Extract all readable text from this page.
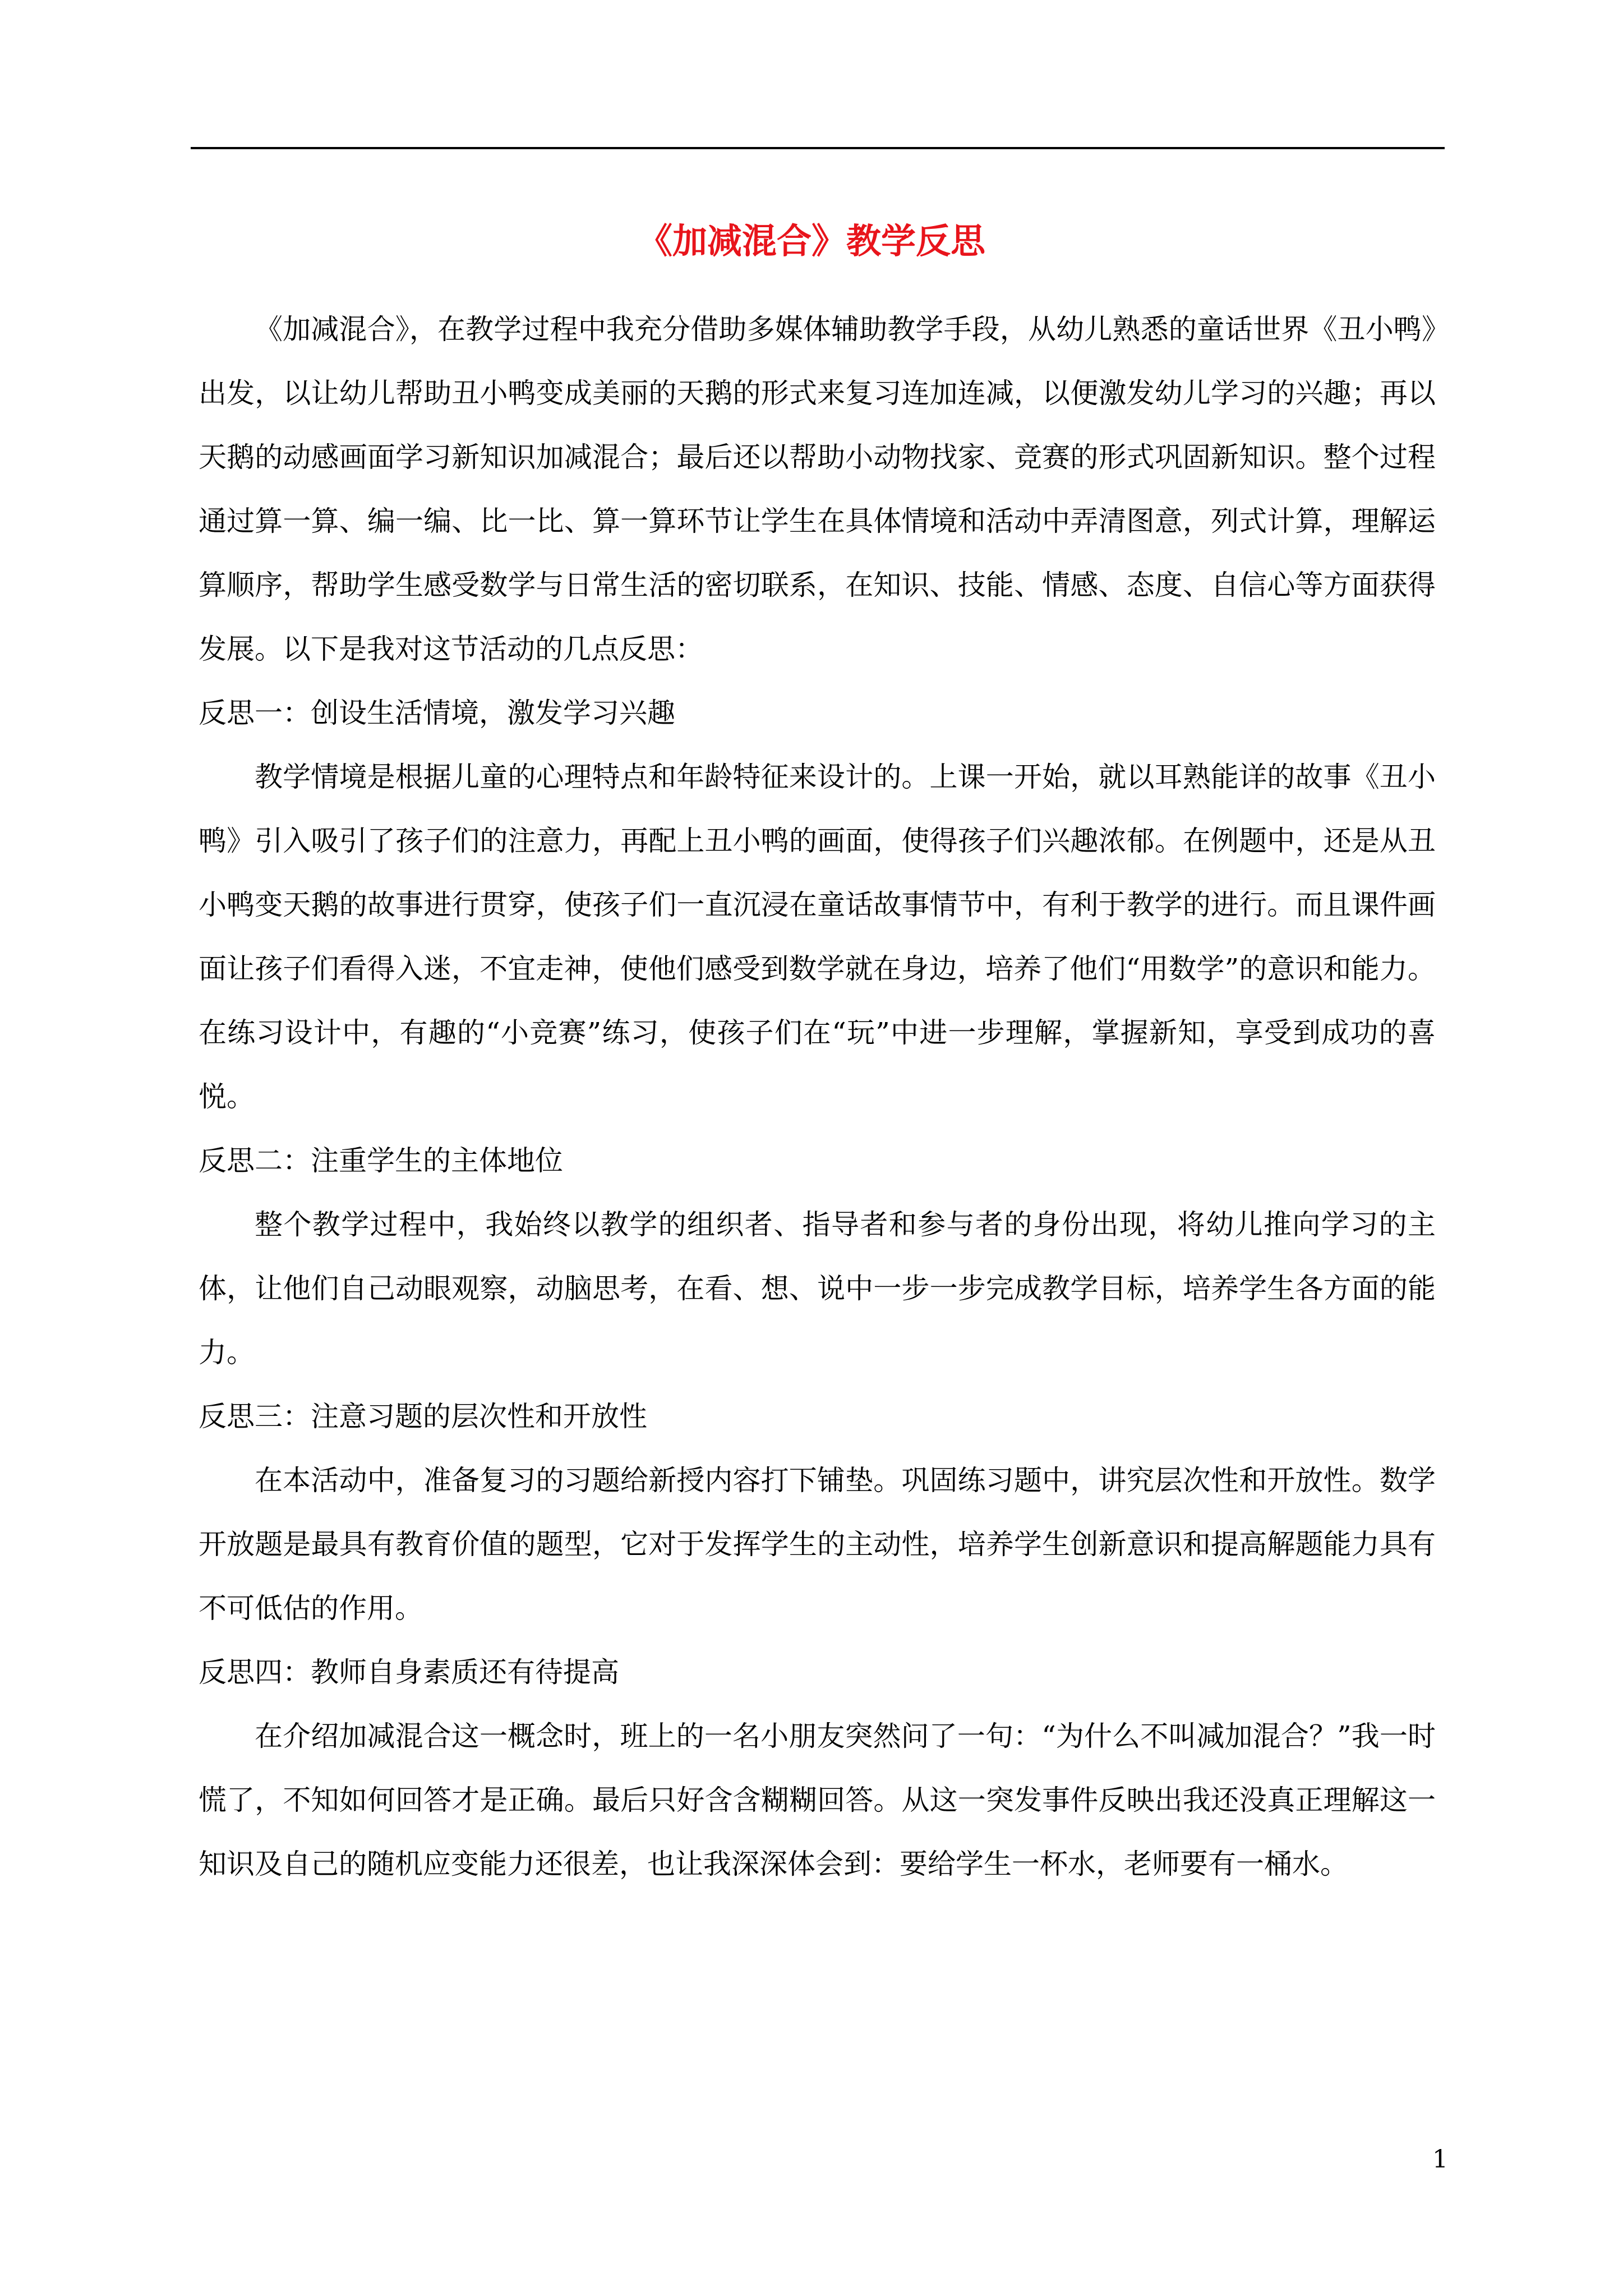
《加减混合》教学反思

《加减混合》，在教学过程中我充分借助多媒体辅助教学手段，从幼儿熟悉的童话世界《丑小鸭》出发，以让幼儿帮助丑小鸭变成美丽的天鹅的形式来复习连加连减，以便激发幼儿学习的兴趣；再以天鹅的动感画面学习新知识加减混合；最后还以帮助小动物找家、竞赛的形式巩固新知识。整个过程通过算一算、编一编、比一比、算一算环节让学生在具体情境和活动中弄清图意，列式计算，理解运算顺序，帮助学生感受数学与日常生活的密切联系，在知识、技能、情感、态度、自信心等方面获得发展。以下是我对这节活动的几点反思：

反思一：创设生活情境，激发学习兴趣

教学情境是根据儿童的心理特点和年龄特征来设计的。上课一开始，就以耳熟能详的故事《丑小鸭》引入吸引了孩子们的注意力，再配上丑小鸭的画面，使得孩子们兴趣浓郁。在例题中，还是从丑小鸭变天鹅的故事进行贯穿，使孩子们一直沉浸在童话故事情节中，有利于教学的进行。而且课件画面让孩子们看得入迷，不宜走神，使他们感受到数学就在身边，培养了他们“用数学”的意识和能力。在练习设计中，有趣的“小竞赛”练习，使孩子们在“玩”中进一步理解，掌握新知，享受到成功的喜悦。

反思二：注重学生的主体地位

整个教学过程中，我始终以教学的组织者、指导者和参与者的身份出现，将幼儿推向学习的主体，让他们自己动眼观察，动脑思考，在看、想、说中一步一步完成教学目标，培养学生各方面的能力。

反思三：注意习题的层次性和开放性

在本活动中，准备复习的习题给新授内容打下铺垫。巩固练习题中，讲究层次性和开放性。数学开放题是最具有教育价值的题型，它对于发挥学生的主动性，培养学生创新意识和提高解题能力具有不可低估的作用。

反思四：教师自身素质还有待提高

在介绍加减混合这一概念时，班上的一名小朋友突然问了一句：“为什么不叫减加混合？”我一时慌了，不知如何回答才是正确。最后只好含含糊糊回答。从这一突发事件反映出我还没真正理解这一知识及自己的随机应变能力还很差，也让我深深体会到：要给学生一杯水，老师要有一桶水。

1
